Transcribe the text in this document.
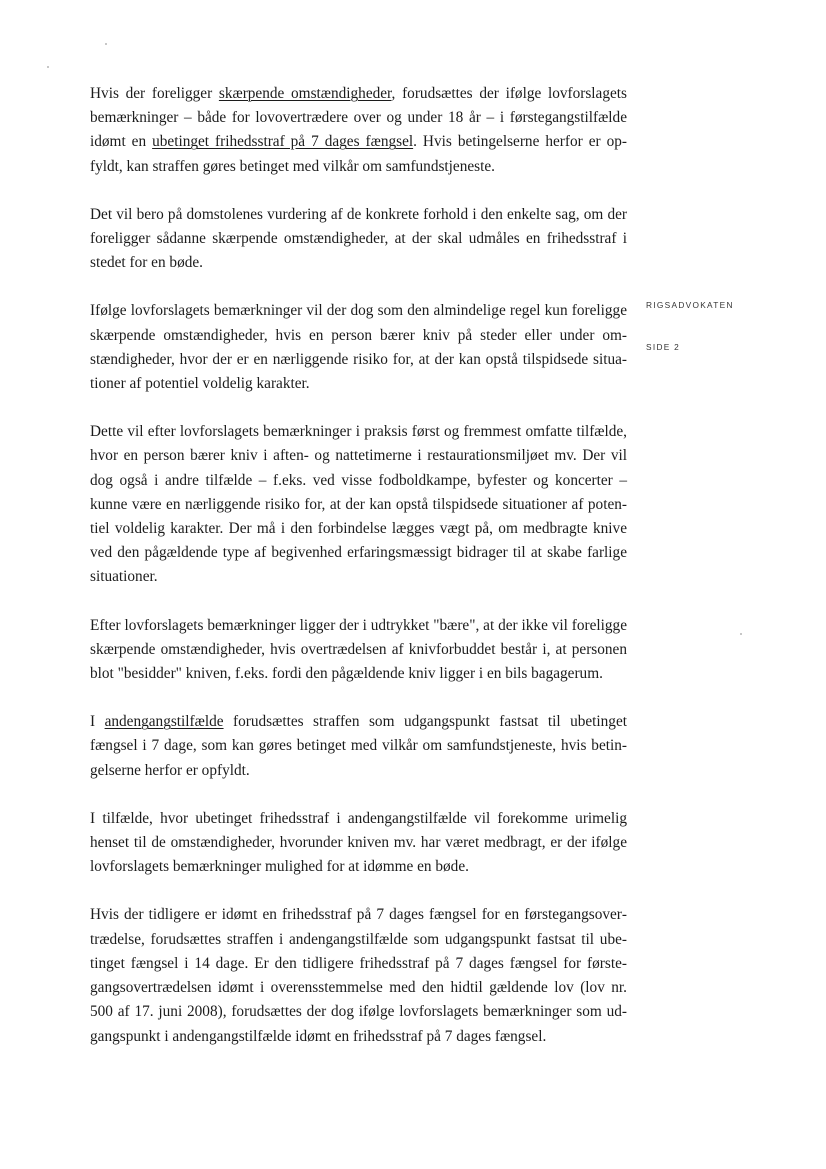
Hvis der foreligger skærpende omstændigheder, forudsættes der ifølge lovforslagets bemærkninger – både for lovovertrædere over og under 18 år – i førstegangstilfælde idømt en ubetinget frihedsstraf på 7 dages fængsel. Hvis betingelserne herfor er opfyldt, kan straffen gøres betinget med vilkår om samfundstjeneste.

Det vil bero på domstolenes vurdering af de konkrete forhold i den enkelte sag, om der foreligger sådanne skærpende omstændigheder, at der skal udmåles en frihedsstraf i stedet for en bøde.

Ifølge lovforslagets bemærkninger vil der dog som den almindelige regel kun foreligge skærpende omstændigheder, hvis en person bærer kniv på steder eller under omstændigheder, hvor der er en nærliggende risiko for, at der kan opstå tilspidsede situationer af potentiel voldelig karakter.

Dette vil efter lovforslagets bemærkninger i praksis først og fremmest omfatte tilfælde, hvor en person bærer kniv i aften- og nattetimerne i restaurationsmiljøet mv. Der vil dog også i andre tilfælde – f.eks. ved visse fodboldkampe, byfester og koncerter – kunne være en nærliggende risiko for, at der kan opstå tilspidsede situationer af potentiel voldelig karakter. Der må i den forbindelse lægges vægt på, om medbragte knive ved den pågældende type af begivenhed erfaringsmæssigt bidrager til at skabe farlige situationer.

Efter lovforslagets bemærkninger ligger der i udtrykket "bære", at der ikke vil foreligge skærpende omstændigheder, hvis overtrædelsen af knivforbuddet består i, at personen blot "besidder" kniven, f.eks. fordi den pågældende kniv ligger i en bils bagagerum.

I andengangstilfælde forudsættes straffen som udgangspunkt fastsat til ubetinget fængsel i 7 dage, som kan gøres betinget med vilkår om samfundstjeneste, hvis betingelserne herfor er opfyldt.

I tilfælde, hvor ubetinget frihedsstraf i andengangstilfælde vil forekomme urimelig henset til de omstændigheder, hvorunder kniven mv. har været medbragt, er der ifølge lovforslagets bemærkninger mulighed for at idømme en bøde.

Hvis der tidligere er idømt en frihedsstraf på 7 dages fængsel for en førstegangsovertrædelse, forudsættes straffen i andengangstilfælde som udgangspunkt fastsat til ubetinget fængsel i 14 dage. Er den tidligere frihedsstraf på 7 dages fængsel for førstegangsovertrædelsen idømt i overensstemmelse med den hidtil gældende lov (lov nr. 500 af 17. juni 2008), forudsættes der dog ifølge lovforslagets bemærkninger som udgangspunkt i andengangstilfælde idømt en frihedsstraf på 7 dages fængsel.

RIGSADVOKATEN
SIDE 2
